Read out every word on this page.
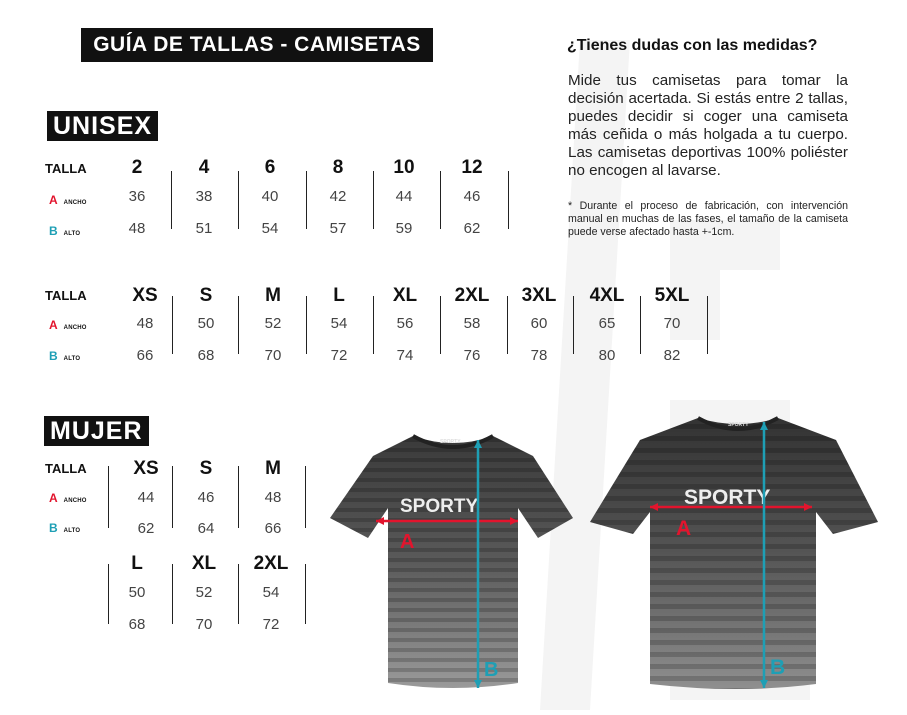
GUÍA DE TALLAS - CAMISETAS	¿Tienes dudas con las medidas?
Mide tus camisetas para tomar la decisión acertada. Si estás entre 2 tallas, puedes decidir si coger una camiseta más ceñida o más holgada a tu cuerpo. Las camisetas deportivas 100% poliéster no encogen al lavarse.
* Durante el proceso de fabricación, con intervención manual en muchas de las fases, el tamaño de la camiseta puede verse afectado hasta +-1cm.
UNISEX
TALLA
A ANCHO
B ALTO
TALLA
A ANCHO
B ALTO
MUJER
TALLA
A ANCHO
B ALTO
2
36
48
4
38
51
6
40
54
8
42
57
10
44
59
12
46
62
XS
48
66
S
50
68
M
52
70
L
54
72
XL
56
74
2XL
58
76
3XL
60
78
4XL
65
80
5XL
70
82
XS
44
62
S
46
64
M
48
66
L
50
68
XL
52
70
2XL
54
72
SPORTY
SPORTY
A
B
SPORTY
SPORTY
A
B
